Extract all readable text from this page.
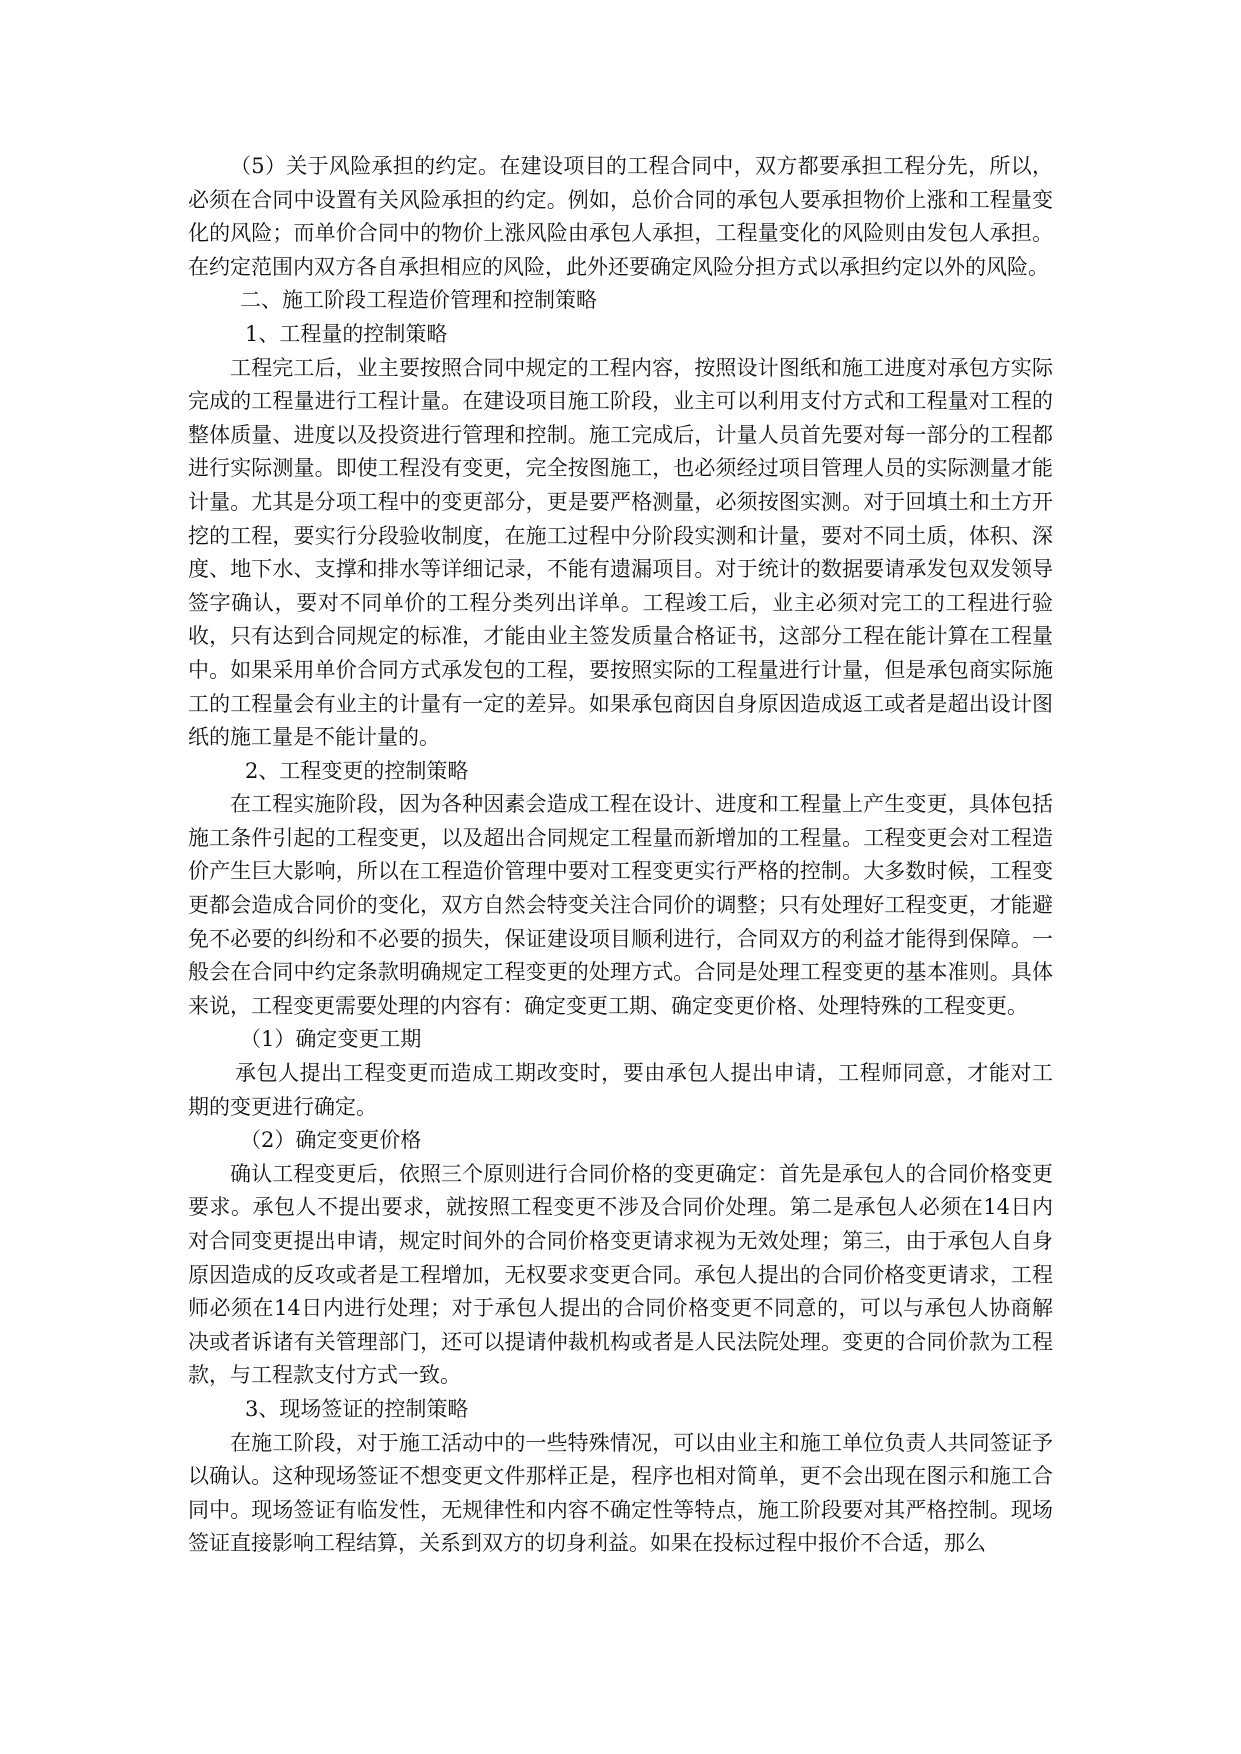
（5）关于风险承担的约定。在建设项目的工程合同中，双方都要承担工程分先，所以，必须在合同中设置有关风险承担的约定。例如，总价合同的承包人要承担物价上涨和工程量变化的风险；而单价合同中的物价上涨风险由承包人承担，工程量变化的风险则由发包人承担。在约定范围内双方各自承担相应的风险，此外还要确定风险分担方式以承担约定以外的风险。

二、施工阶段工程造价管理和控制策略

1、工程量的控制策略

工程完工后，业主要按照合同中规定的工程内容，按照设计图纸和施工进度对承包方实际完成的工程量进行工程计量。在建设项目施工阶段，业主可以利用支付方式和工程量对工程的整体质量、进度以及投资进行管理和控制。施工完成后，计量人员首先要对每一部分的工程都进行实际测量。即使工程没有变更，完全按图施工，也必须经过项目管理人员的实际测量才能计量。尤其是分项工程中的变更部分，更是要严格测量，必须按图实测。对于回填土和土方开挖的工程，要实行分段验收制度，在施工过程中分阶段实测和计量，要对不同土质，体积、深度、地下水、支撑和排水等详细记录，不能有遗漏项目。对于统计的数据要请承发包双发领导签字确认，要对不同单价的工程分类列出详单。工程竣工后，业主必须对完工的工程进行验收，只有达到合同规定的标准，才能由业主签发质量合格证书，这部分工程在能计算在工程量中。如果采用单价合同方式承发包的工程，要按照实际的工程量进行计量，但是承包商实际施工的工程量会有业主的计量有一定的差异。如果承包商因自身原因造成返工或者是超出设计图纸的施工量是不能计量的。

2、工程变更的控制策略

在工程实施阶段，因为各种因素会造成工程在设计、进度和工程量上产生变更，具体包括施工条件引起的工程变更，以及超出合同规定工程量而新增加的工程量。工程变更会对工程造价产生巨大影响，所以在工程造价管理中要对工程变更实行严格的控制。大多数时候，工程变更都会造成合同价的变化，双方自然会特变关注合同价的调整；只有处理好工程变更，才能避免不必要的纠纷和不必要的损失，保证建设项目顺利进行，合同双方的利益才能得到保障。一般会在合同中约定条款明确规定工程变更的处理方式。合同是处理工程变更的基本准则。具体来说，工程变更需要处理的内容有：确定变更工期、确定变更价格、处理特殊的工程变更。

（1）确定变更工期

承包人提出工程变更而造成工期改变时，要由承包人提出申请，工程师同意，才能对工期的变更进行确定。

（2）确定变更价格

确认工程变更后，依照三个原则进行合同价格的变更确定：首先是承包人的合同价格变更要求。承包人不提出要求，就按照工程变更不涉及合同价处理。第二是承包人必须在14日内对合同变更提出申请，规定时间外的合同价格变更请求视为无效处理；第三，由于承包人自身原因造成的反攻或者是工程增加，无权要求变更合同。承包人提出的合同价格变更请求，工程师必须在14日内进行处理；对于承包人提出的合同价格变更不同意的，可以与承包人协商解决或者诉诸有关管理部门，还可以提请仲裁机构或者是人民法院处理。变更的合同价款为工程款，与工程款支付方式一致。

3、现场签证的控制策略

在施工阶段，对于施工活动中的一些特殊情况，可以由业主和施工单位负责人共同签证予以确认。这种现场签证不想变更文件那样正是，程序也相对简单，更不会出现在图示和施工合同中。现场签证有临发性，无规律性和内容不确定性等特点，施工阶段要对其严格控制。现场签证直接影响工程结算，关系到双方的切身利益。如果在投标过程中报价不合适，那么
